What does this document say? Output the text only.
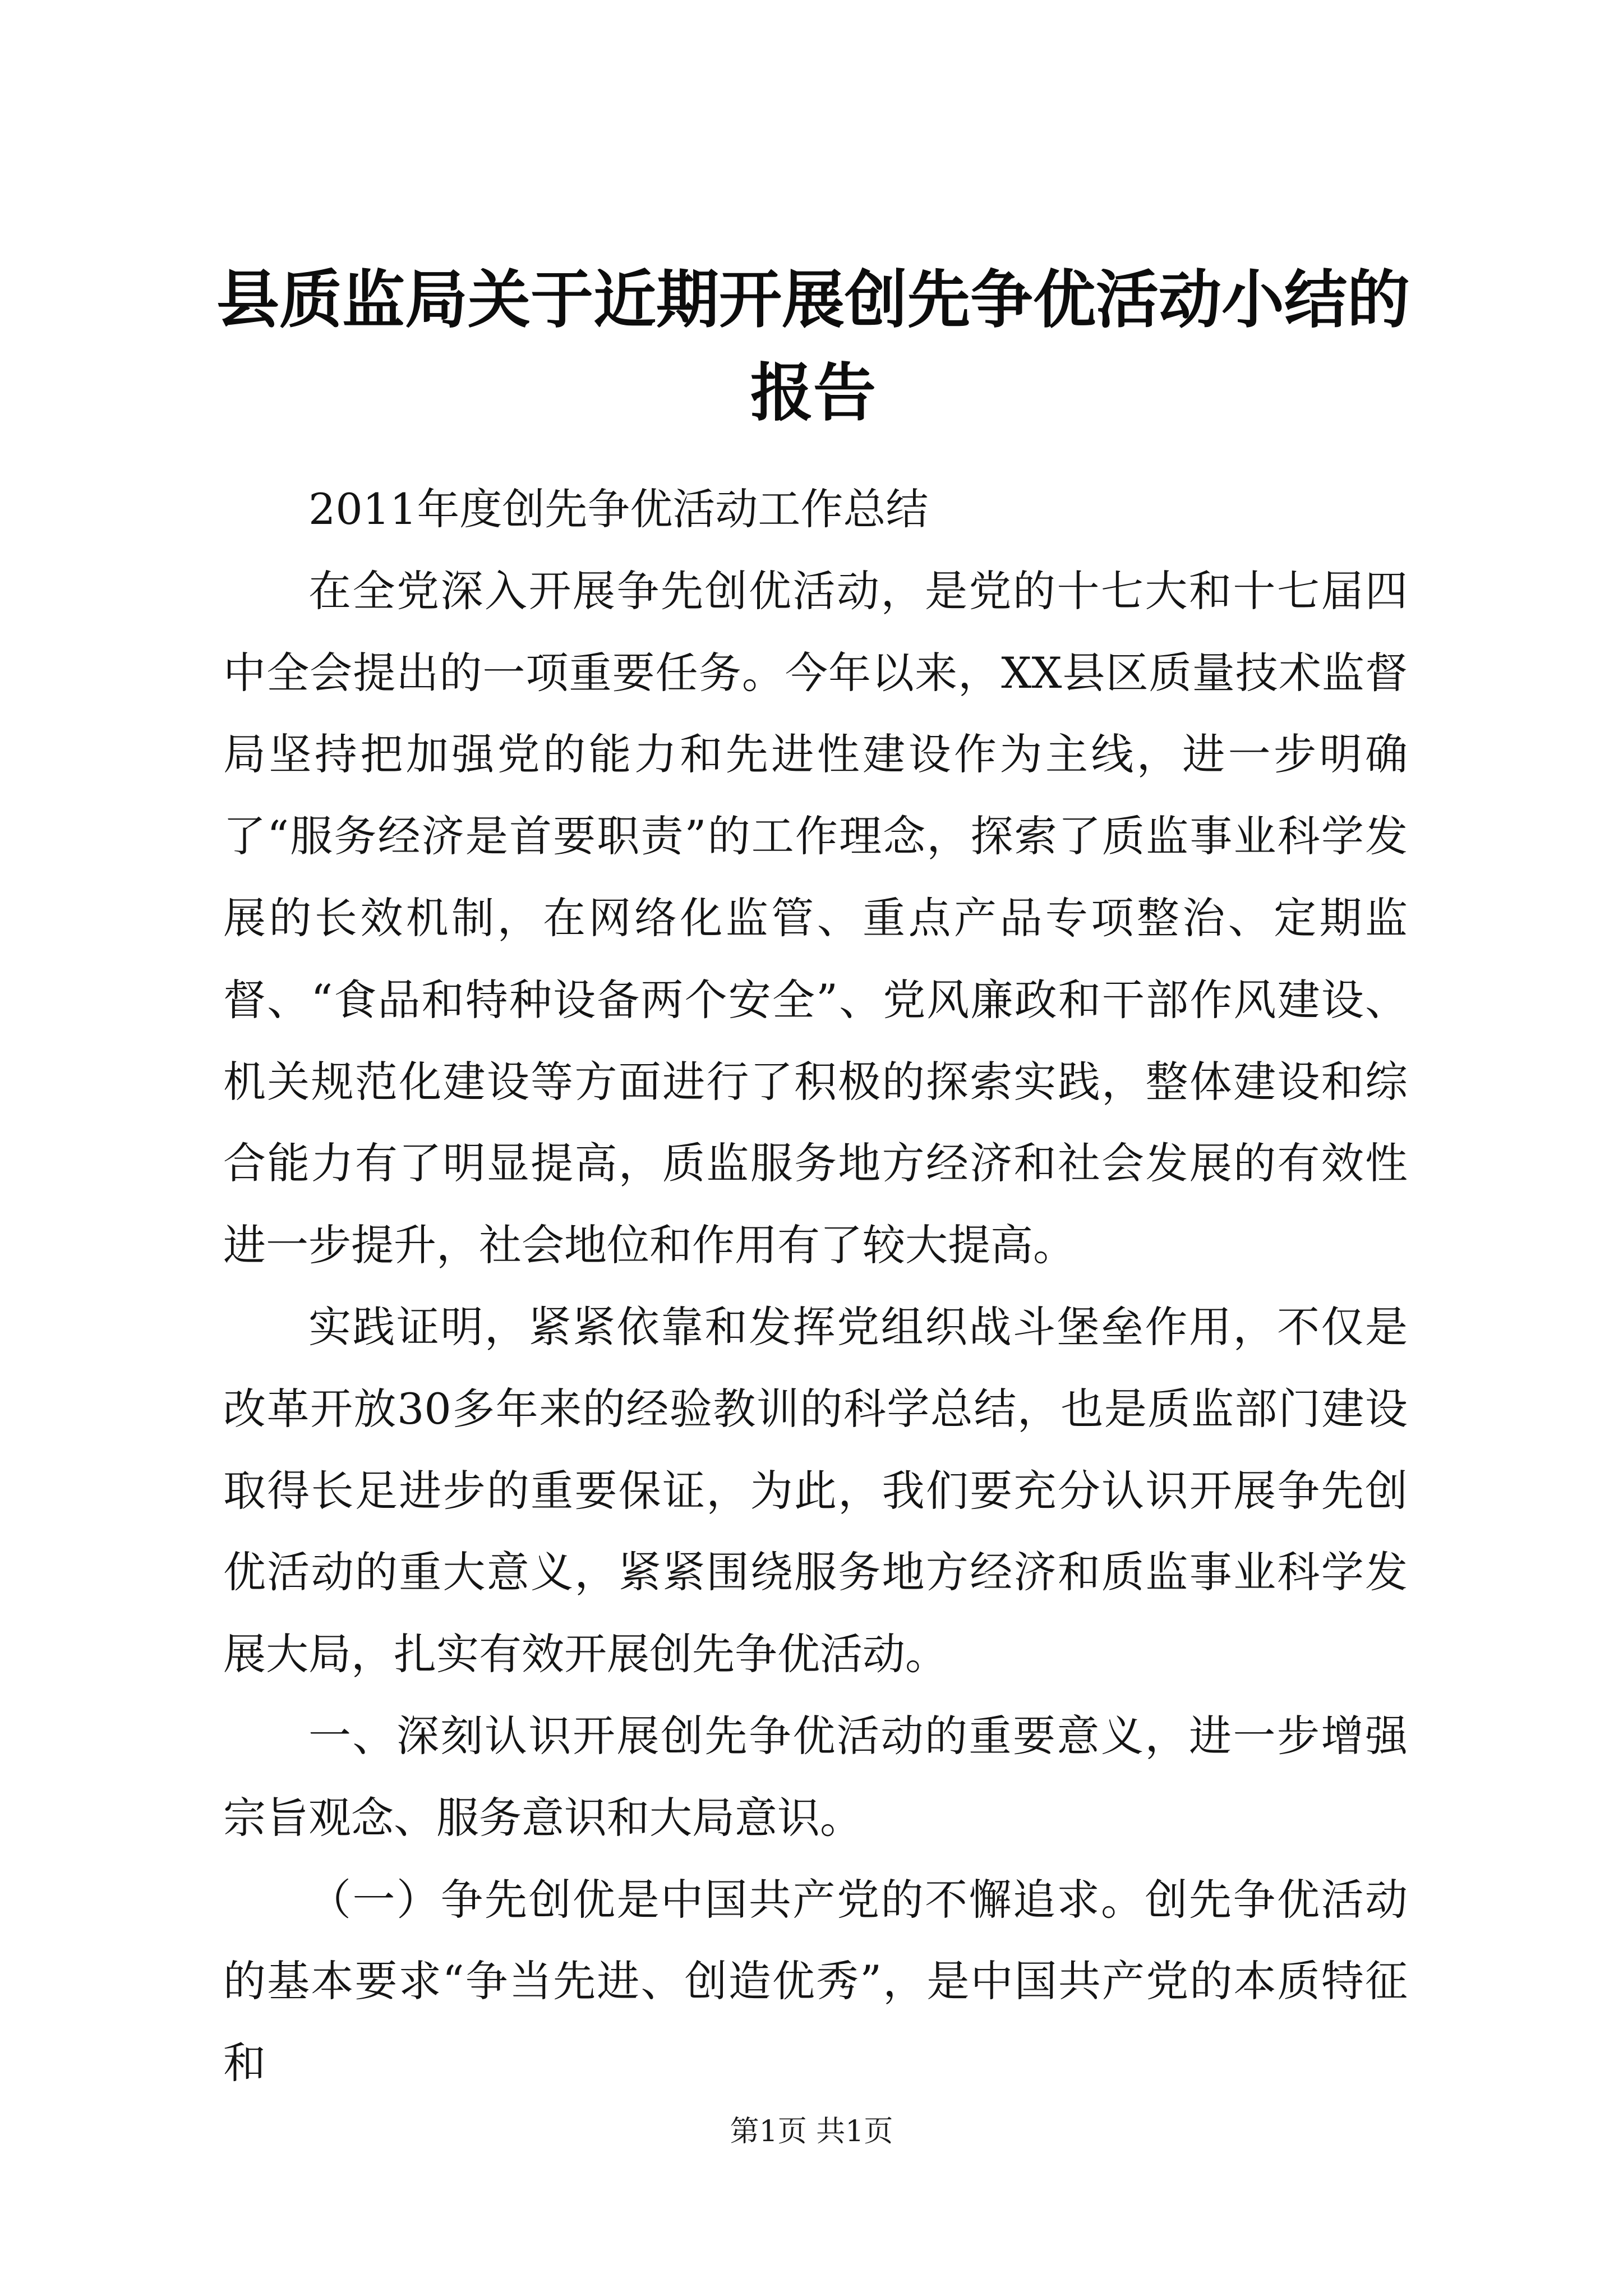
县质监局关于近期开展创先争优活动小结的报告

2011年度创先争优活动工作总结

在全党深入开展争先创优活动，是党的十七大和十七届四中全会提出的一项重要任务。今年以来，XX县区质量技术监督局坚持把加强党的能力和先进性建设作为主线，进一步明确了“服务经济是首要职责”的工作理念，探索了质监事业科学发展的长效机制，在网络化监管、重点产品专项整治、定期监督、“食品和特种设备两个安全”、党风廉政和干部作风建设、机关规范化建设等方面进行了积极的探索实践，整体建设和综合能力有了明显提高，质监服务地方经济和社会发展的有效性进一步提升，社会地位和作用有了较大提高。

实践证明，紧紧依靠和发挥党组织战斗堡垒作用，不仅是改革开放30多年来的经验教训的科学总结，也是质监部门建设取得长足进步的重要保证，为此，我们要充分认识开展争先创优活动的重大意义，紧紧围绕服务地方经济和质监事业科学发展大局，扎实有效开展创先争优活动。

一、深刻认识开展创先争优活动的重要意义，进一步增强宗旨观念、服务意识和大局意识。

（一）争先创优是中国共产党的不懈追求。创先争优活动的基本要求“争当先进、创造优秀”，是中国共产党的本质特征和

第1页 共1页
